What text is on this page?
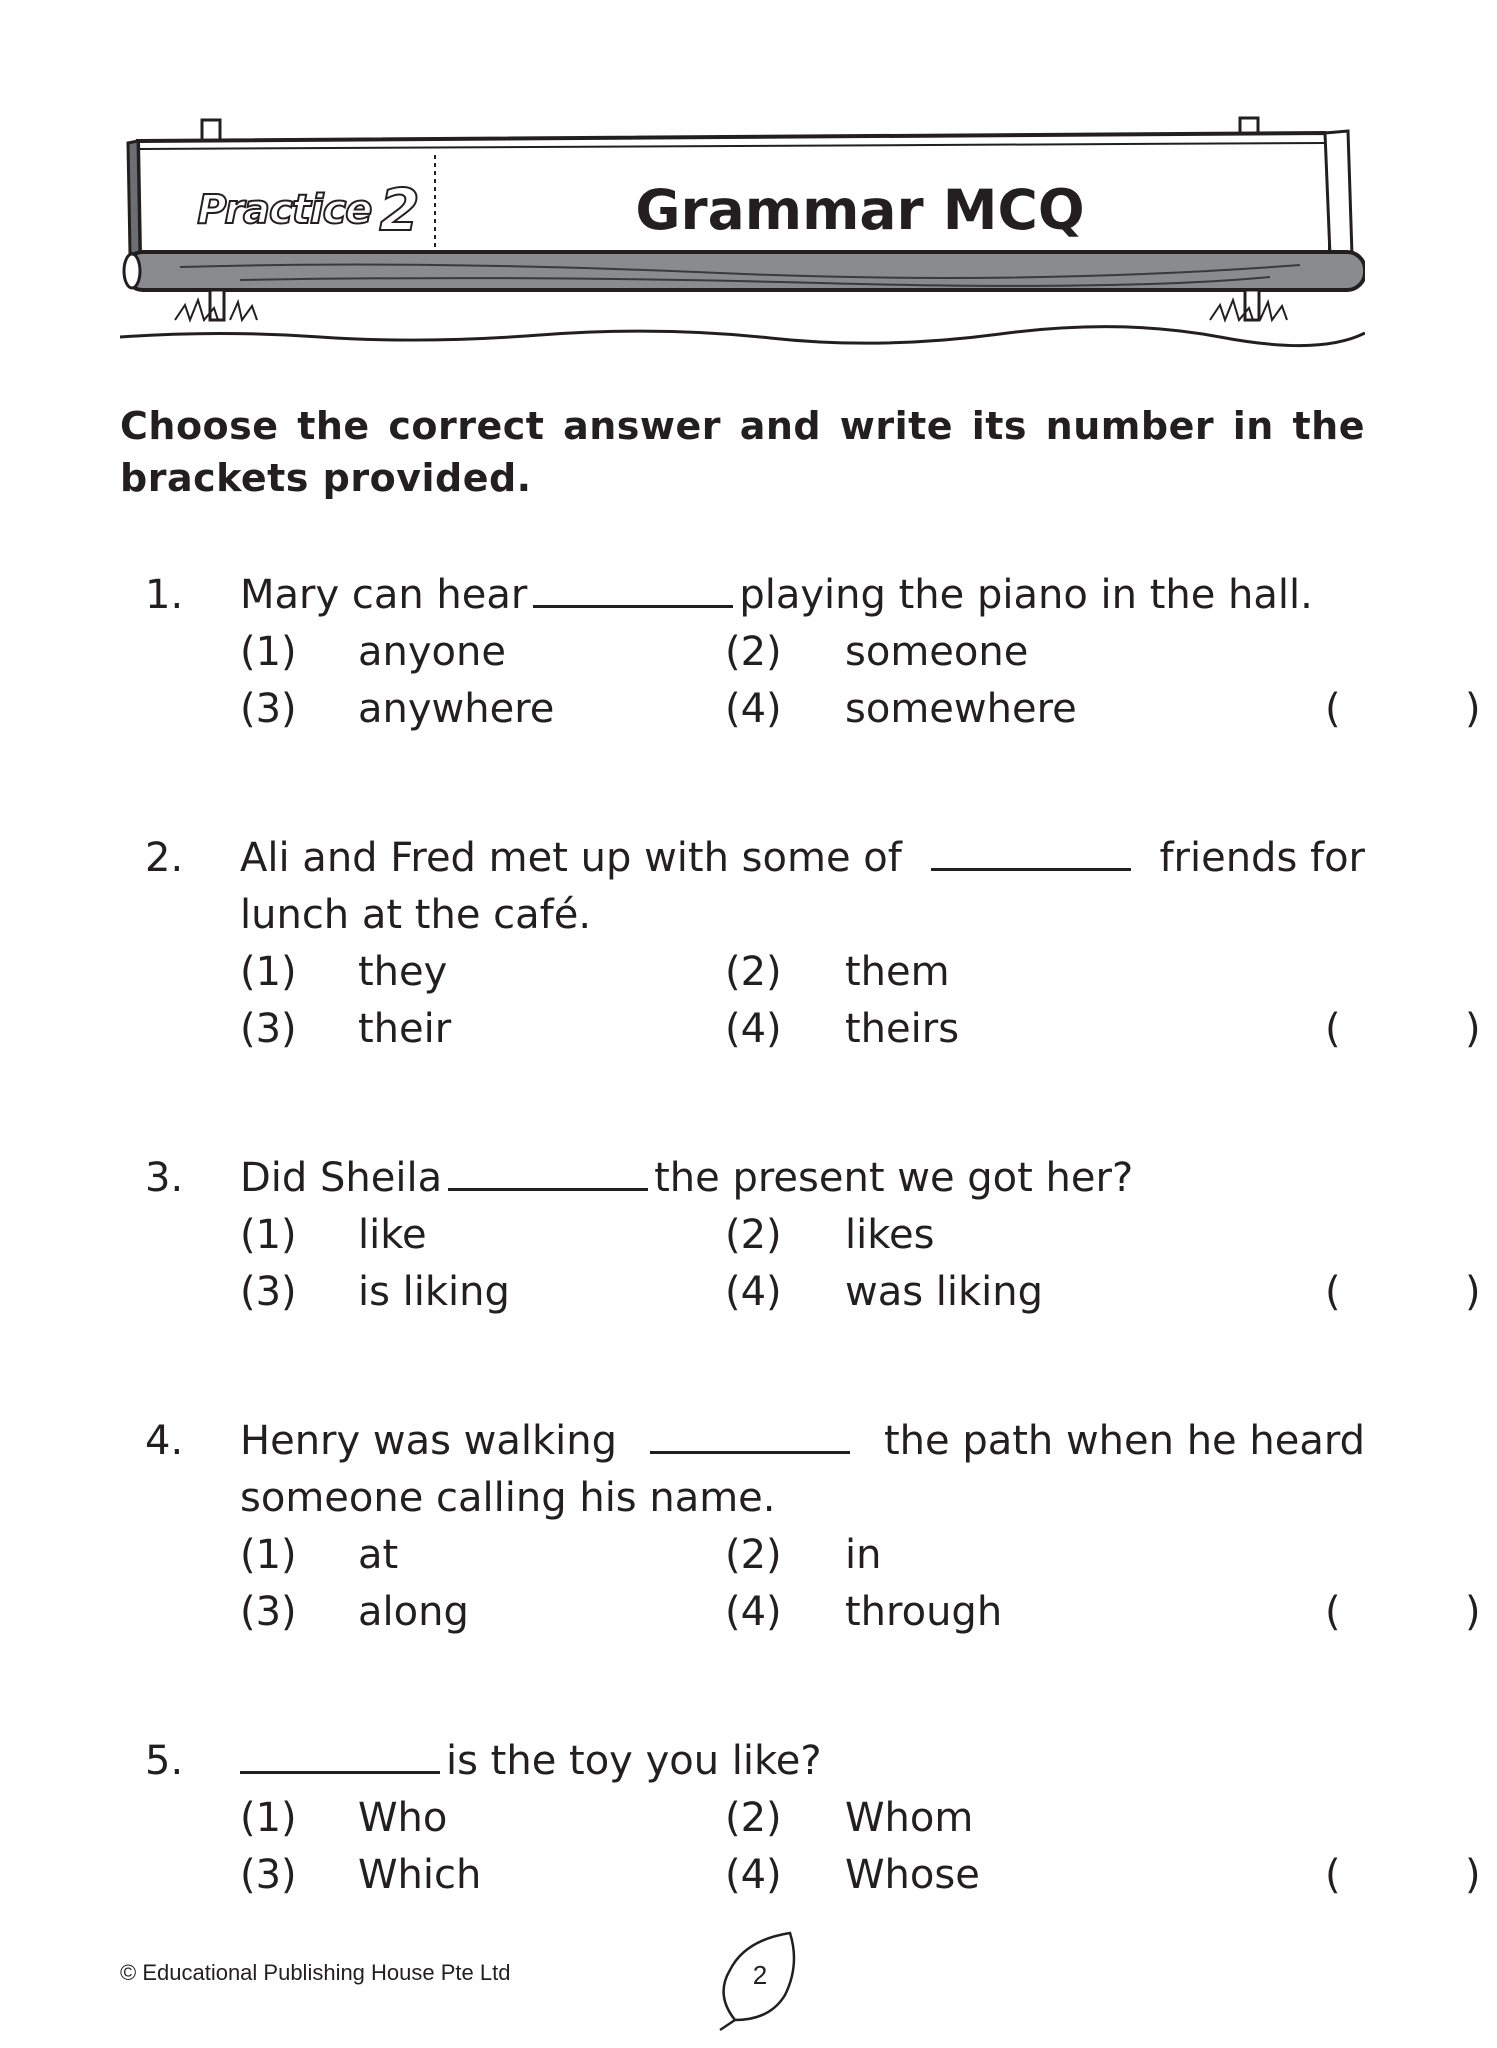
Practice 2	Grammar MCQ
Choose the correct answer and write its number in the brackets provided.
1. Mary can hear	playing the piano in the hall.
(1) anyone	(2) someone
(3) anywhere	(4) somewhere	(	)
2. Ali and Fred met up with some of	friends for
lunch at the café.
(1) they	(2) them
(3) their	(4) theirs	(	)
3. Did Sheila	the present we got her?
(1) like	(2) likes
(3) is liking	(4) was liking	(	)
4. Henry was walking	the path when he heard
someone calling his name.
(1) at	(2) in
(3) along	(4) through	(	)
5.	is the toy you like?
(1) Who	(2) Whom
(3) Which	(4) Whose	(	)
© Educational Publishing House Pte Ltd	2
